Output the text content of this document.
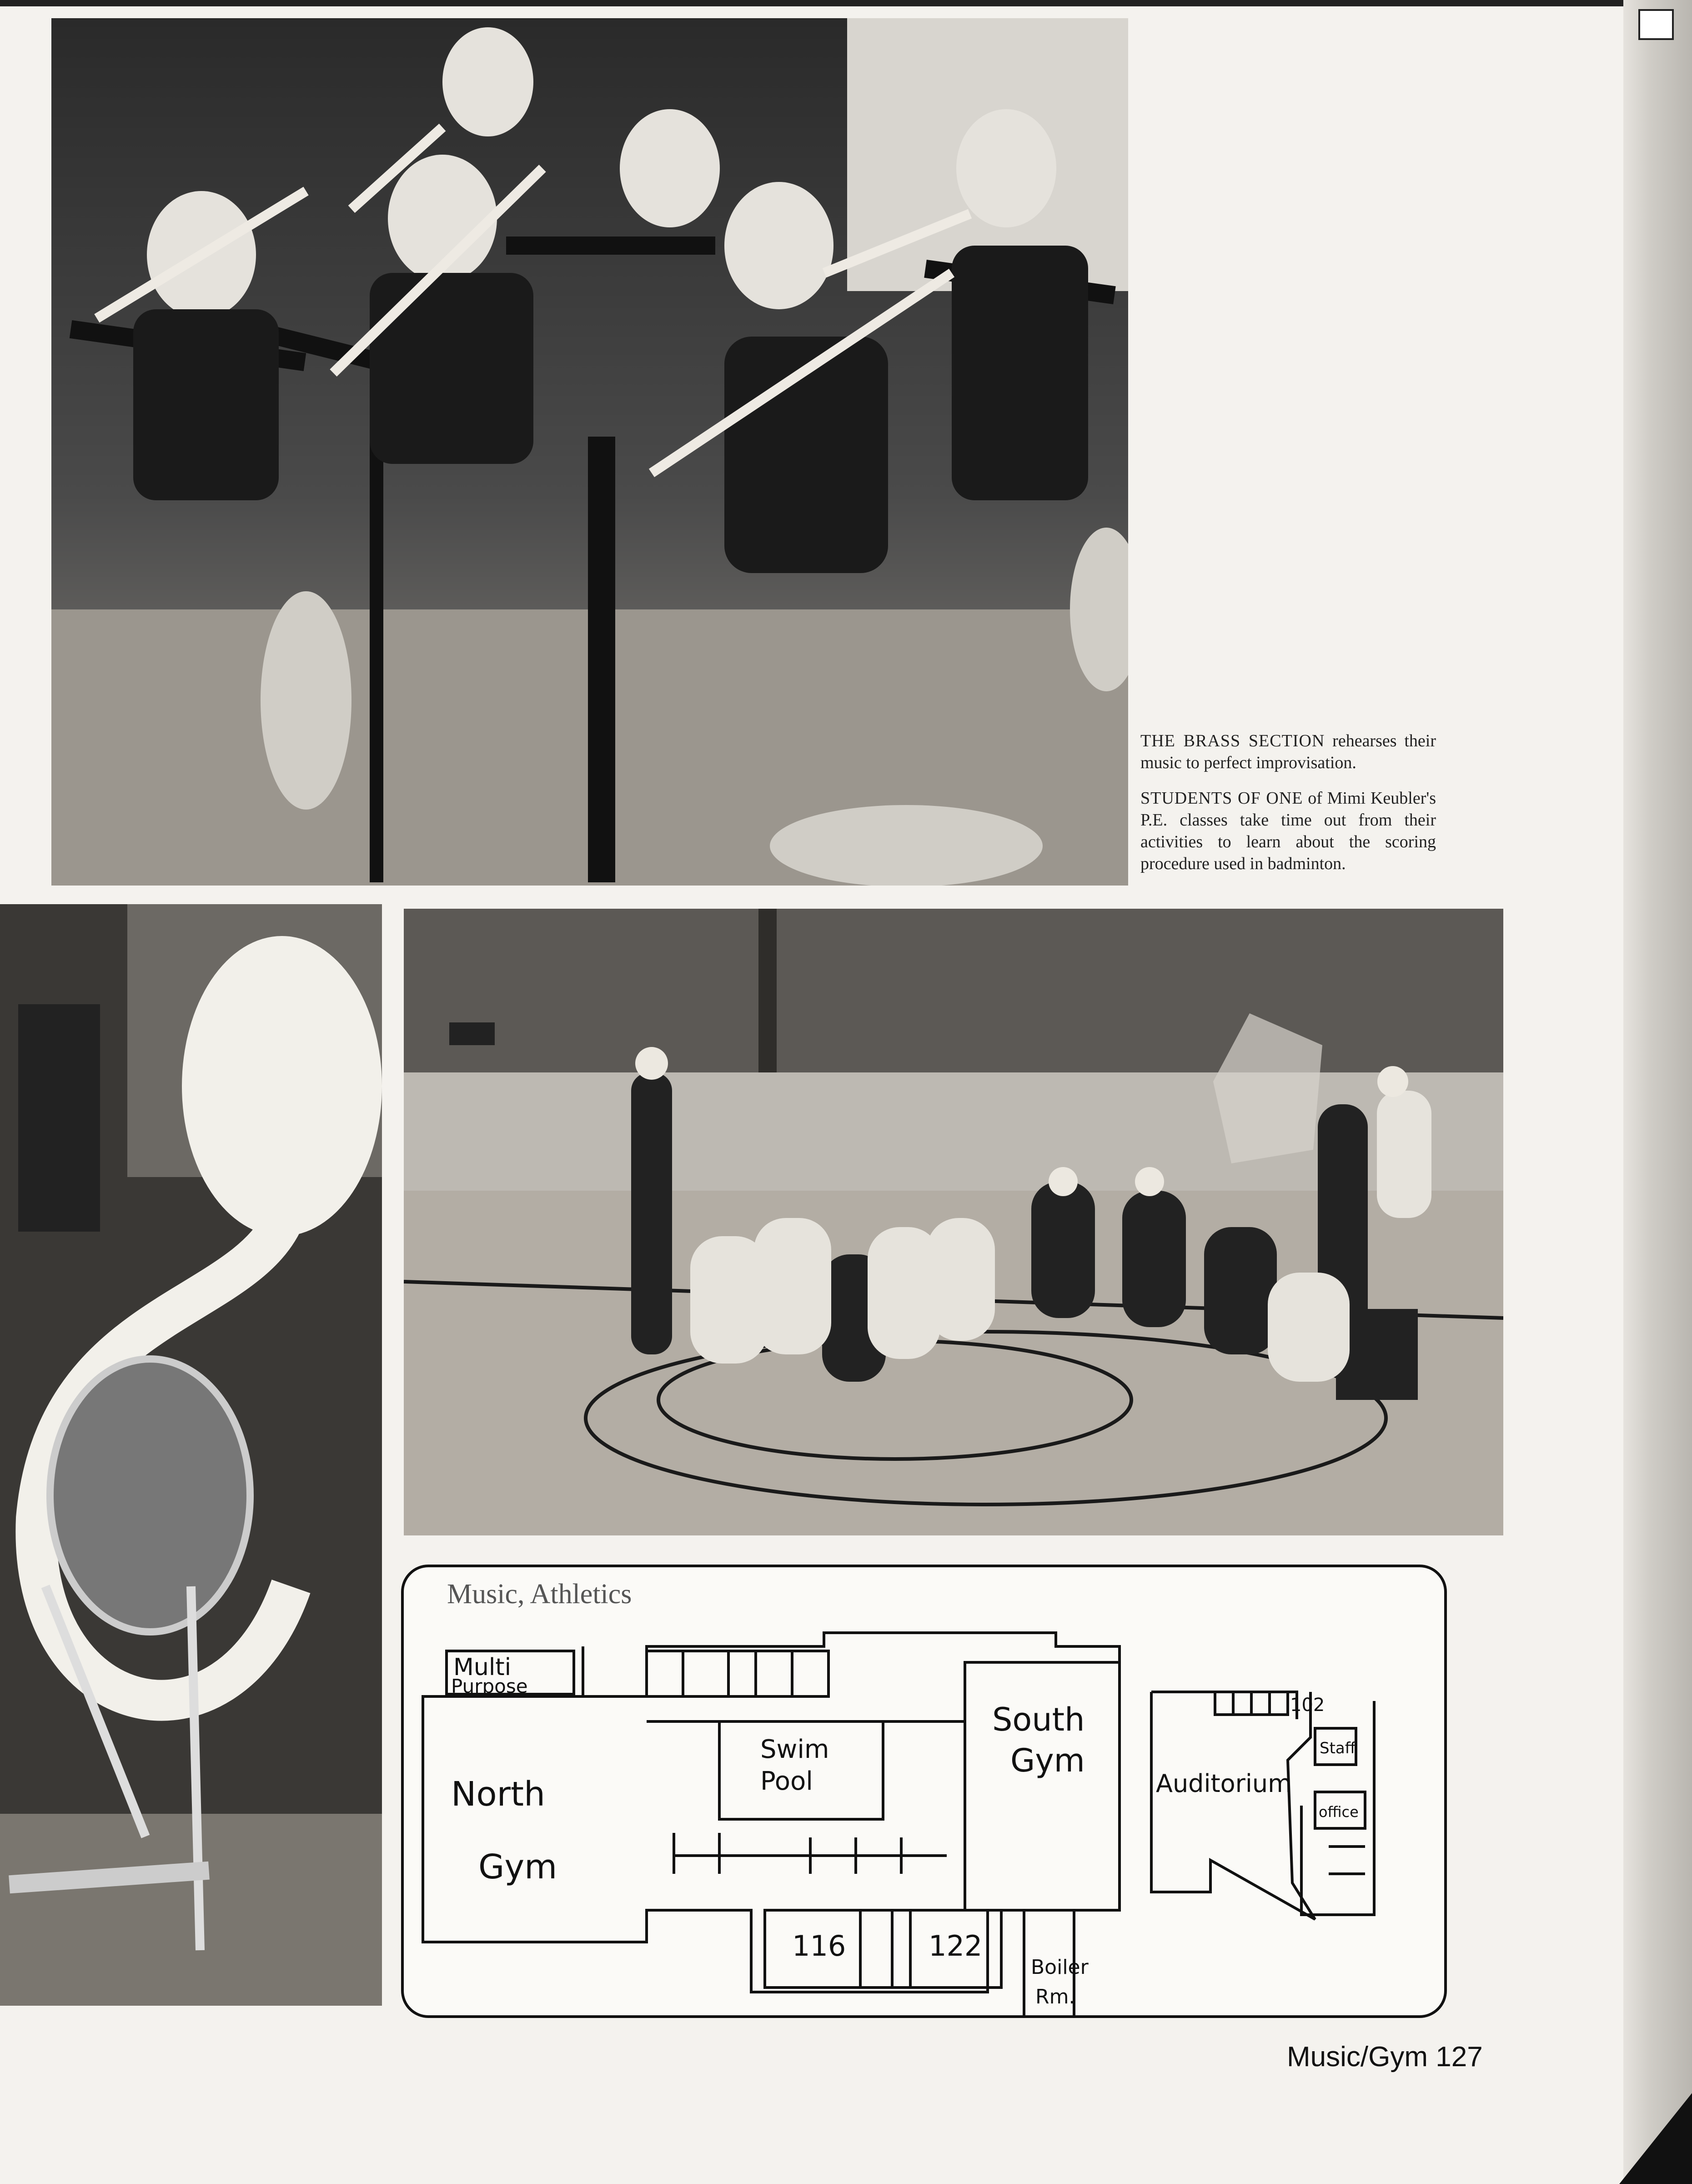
THE BRASS SECTION rehearses their music to perfect improvisation.

STUDENTS OF ONE of Mimi Keubler's P.E. classes take time out from their activities to learn about the scoring procedure used in badminton.

Music, Athletics
Multi
Purpose
North
Gym
Swim
Pool
South
Gym
116	122
Boiler
Rm.
Auditorium
102
Staff
office
Music/Gym 127
